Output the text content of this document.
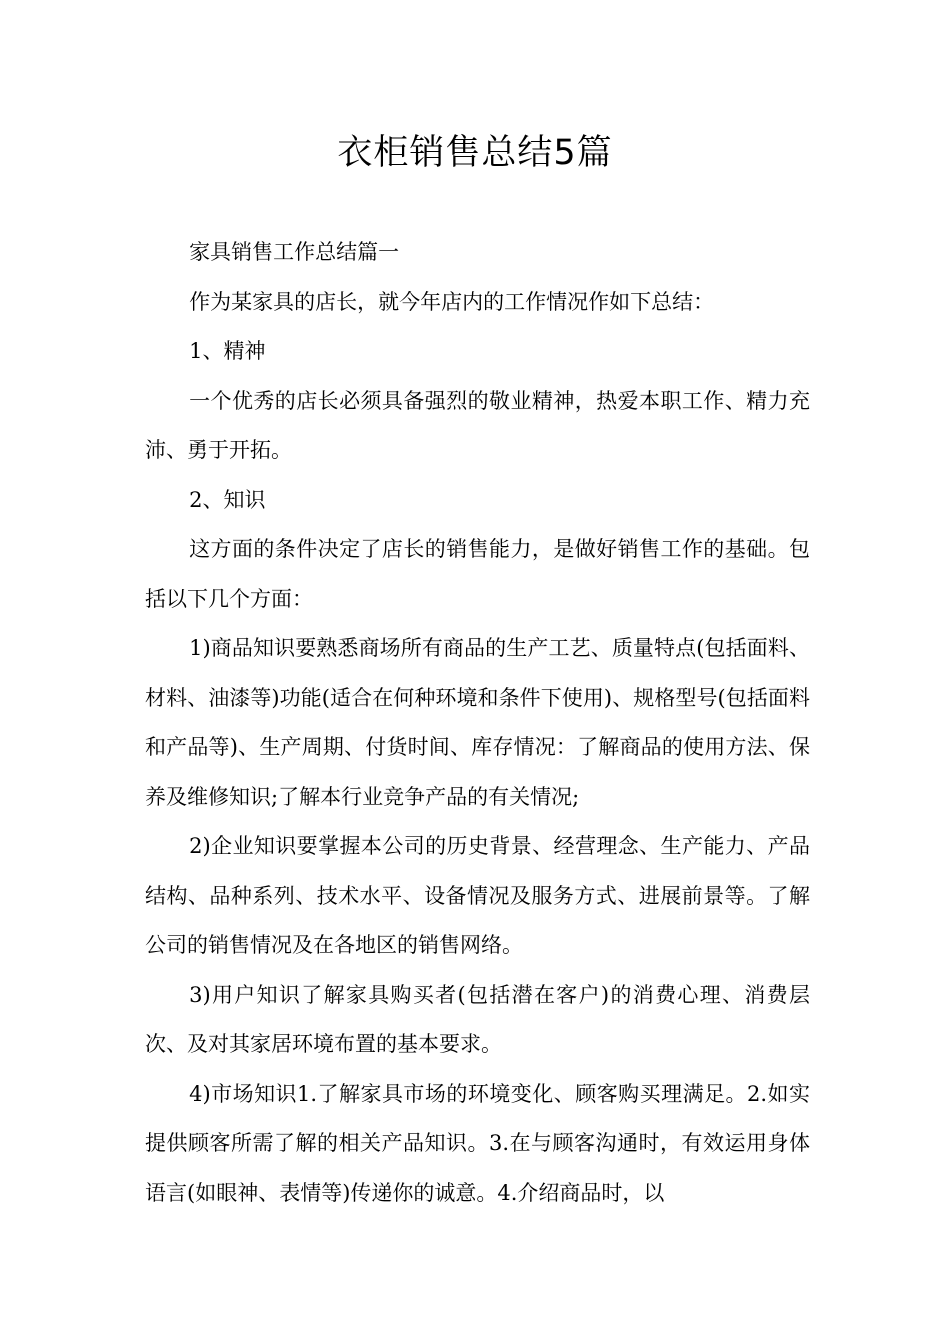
衣柜销售总结5篇

家具销售工作总结篇一

作为某家具的店长，就今年店内的工作情况作如下总结：

1、精神

一个优秀的店长必须具备强烈的敬业精神，热爱本职工作、精力充沛、勇于开拓。

2、知识

这方面的条件决定了店长的销售能力，是做好销售工作的基础。包括以下几个方面：

1)商品知识要熟悉商场所有商品的生产工艺、质量特点(包括面料、材料、油漆等)功能(适合在何种环境和条件下使用)、规格型号(包括面料和产品等)、生产周期、付货时间、库存情况：了解商品的使用方法、保养及维修知识;了解本行业竞争产品的有关情况;

2)企业知识要掌握本公司的历史背景、经营理念、生产能力、产品结构、品种系列、技术水平、设备情况及服务方式、进展前景等。了解公司的销售情况及在各地区的销售网络。

3)用户知识了解家具购买者(包括潜在客户)的消费心理、消费层次、及对其家居环境布置的基本要求。

4)市场知识1.了解家具市场的环境变化、顾客购买理满足。2.如实提供顾客所需了解的相关产品知识。3.在与顾客沟通时，有效运用身体语言(如眼神、表情等)传递你的诚意。4.介绍商品时，以
